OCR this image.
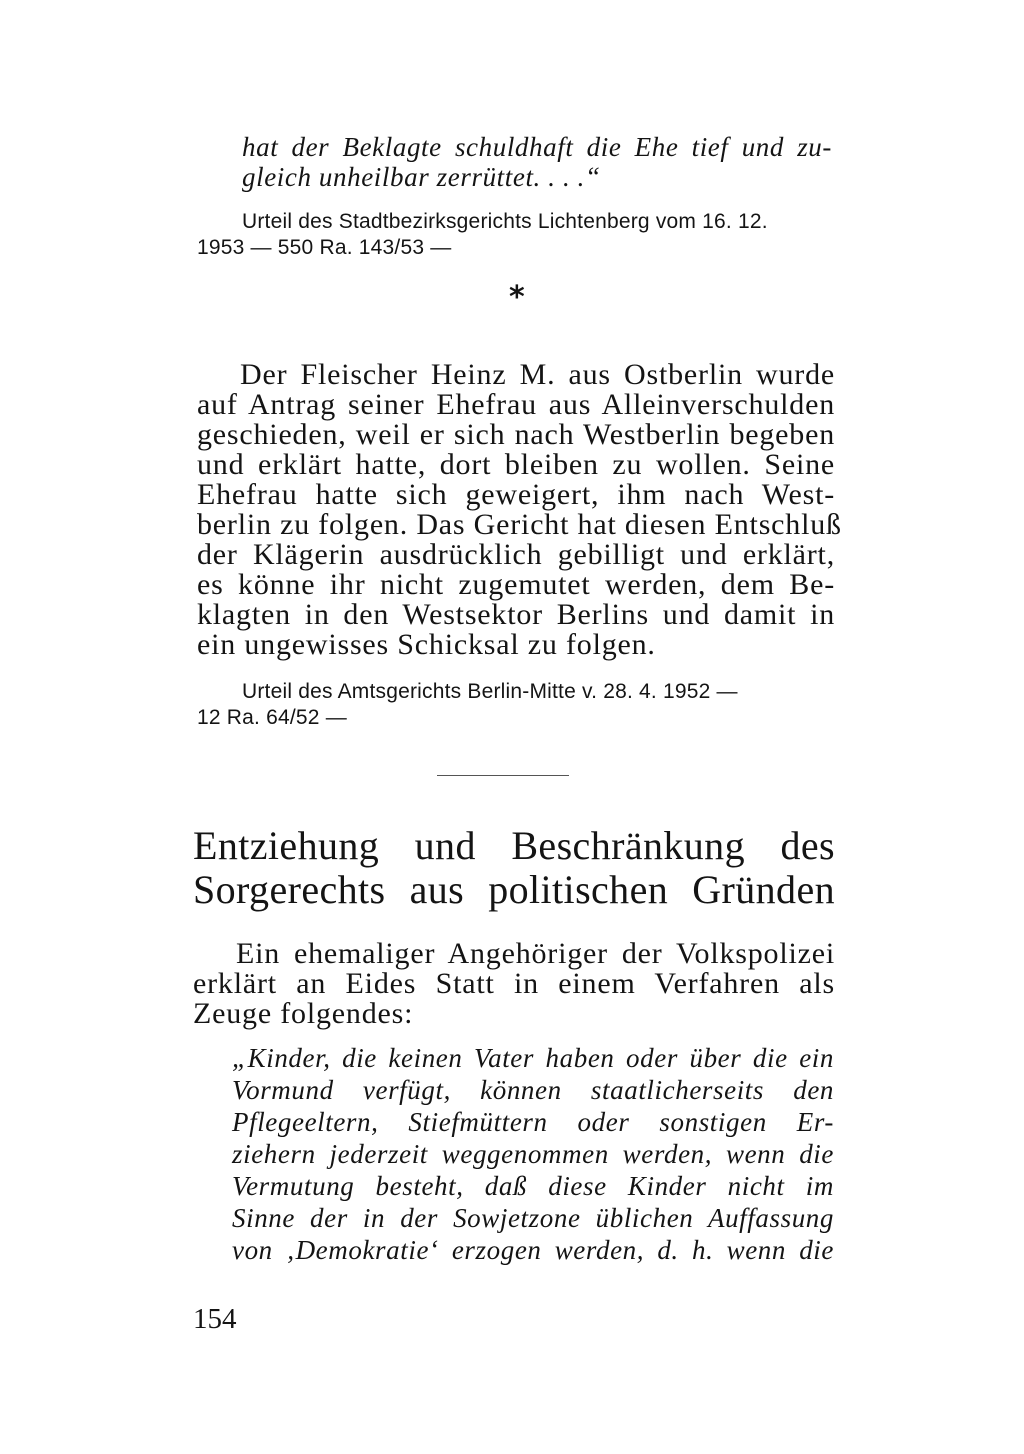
hat der Beklagte schuldhaft die Ehe tief und zu-
gleich unheilbar zerrüttet. . . .“
Urteil des Stadtbezirksgerichts Lichtenberg vom 16. 12.
1953 — 550 Ra. 143/53 —
*
Der Fleischer Heinz M. aus Ostberlin wurde
auf Antrag seiner Ehefrau aus Alleinverschulden
geschieden, weil er sich nach Westberlin begeben
und erklärt hatte, dort bleiben zu wollen. Seine
Ehefrau hatte sich geweigert, ihm nach West-
berlin zu folgen. Das Gericht hat diesen Entschluß
der Klägerin ausdrücklich gebilligt und erklärt,
es könne ihr nicht zugemutet werden, dem Be-
klagten in den Westsektor Berlins und damit in
ein ungewisses Schicksal zu folgen.
Urteil des Amtsgerichts Berlin-Mitte v. 28. 4. 1952 —
12 Ra. 64/52 —
Entziehung und Beschränkung des
Sorgerechts aus politischen Gründen
Ein ehemaliger Angehöriger der Volkspolizei
erklärt an Eides Statt in einem Verfahren als
Zeuge folgendes:
„Kinder, die keinen Vater haben oder über die ein
Vormund verfügt, können staatlicherseits den
Pflegeeltern, Stiefmüttern oder sonstigen Er-
ziehern jederzeit weggenommen werden, wenn die
Vermutung besteht, daß diese Kinder nicht im
Sinne der in der Sowjetzone üblichen Auffassung
von ‚Demokratie‘ erzogen werden, d. h. wenn die
154
